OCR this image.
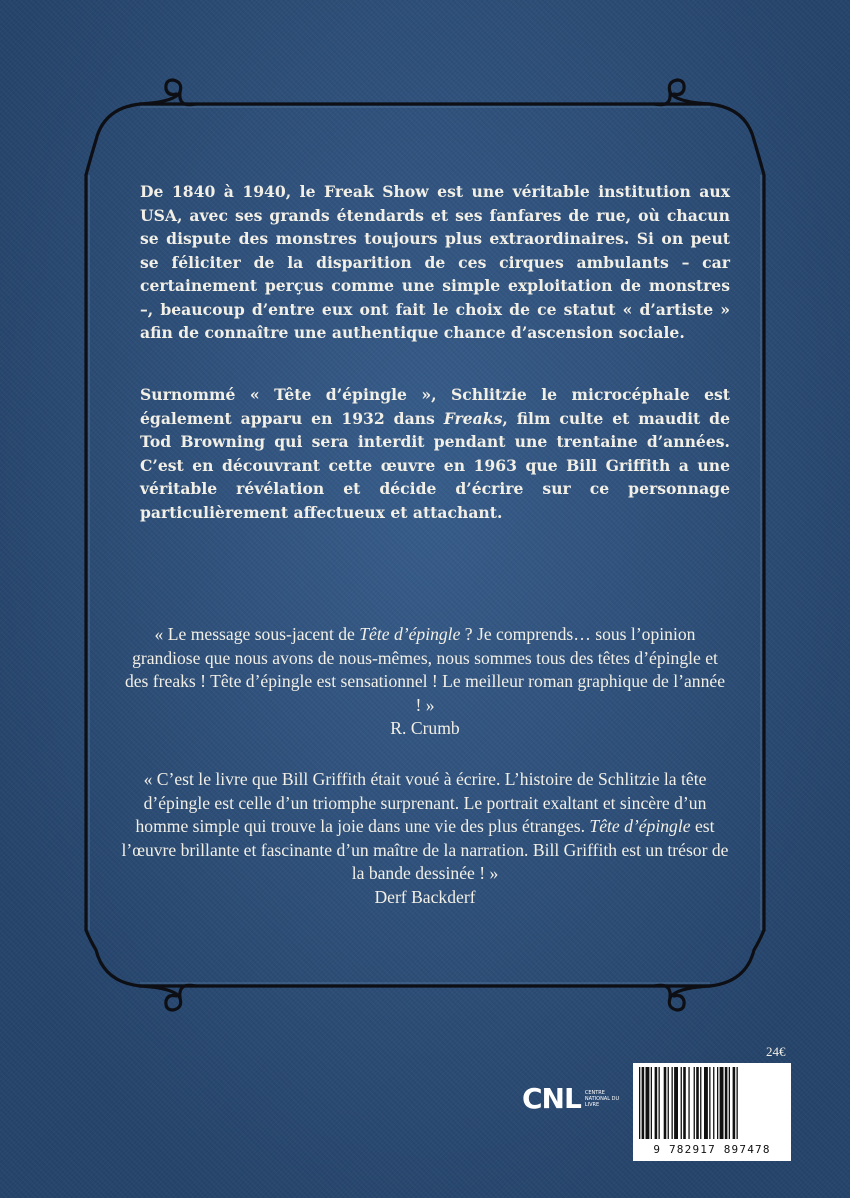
De 1840 à 1940, le Freak Show est une véritable institution aux USA, avec ses grands étendards et ses fanfares de rue, où chacun se dispute des monstres toujours plus extraordinaires. Si on peut se féliciter de la disparition de ces cirques ambulants – car certainement perçus comme une simple exploitation de monstres –, beaucoup d’entre eux ont fait le choix de ce statut « d’artiste » afin de connaître une authentique chance d’ascension sociale.

Surnommé « Tête d’épingle », Schlitzie le microcéphale est également apparu en 1932 dans Freaks, film culte et maudit de Tod Browning qui sera interdit pendant une trentaine d’années. C’est en découvrant cette œuvre en 1963 que Bill Griffith a une véritable révélation et décide d’écrire sur ce personnage particulièrement affectueux et attachant.

« Le message sous-jacent de Tête d’épingle ? Je comprends… sous l’opinion grandiose que nous avons de nous-mêmes, nous sommes tous des têtes d’épingle et des freaks ! Tête d’épingle est sensationnel ! Le meilleur roman graphique de l’année ! »
R. Crumb
« C’est le livre que Bill Griffith était voué à écrire. L’histoire de Schlitzie la tête d’épingle est celle d’un triomphe surprenant. Le portrait exaltant et sincère d’un homme simple qui trouve la joie dans une vie des plus étranges. Tête d’épingle est l’œuvre brillante et fascinante d’un maître de la narration. Bill Griffith est un trésor de la bande dessinée ! »
Derf Backderf
24€
CNL CENTRE NATIONAL DU LIVRE
9 782917 897478
